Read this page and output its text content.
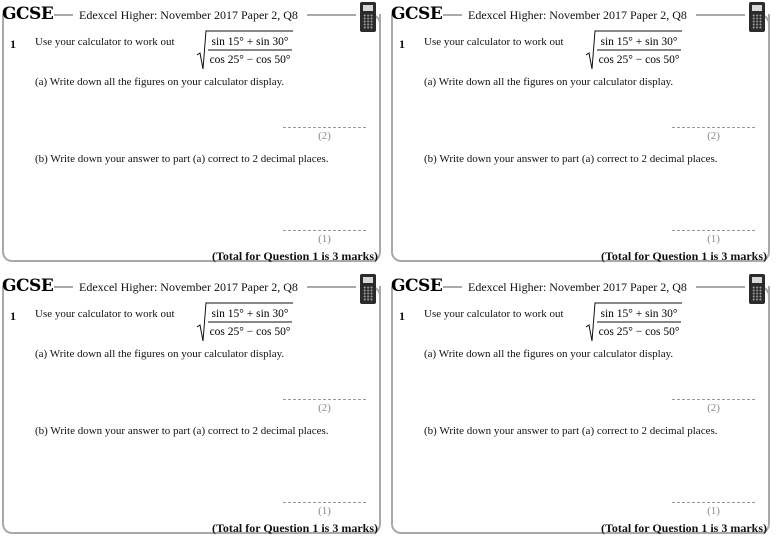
GCSE Edexcel Higher: November 2017 Paper 2, Q8
1 Use your calculator to work out	sin 15° + sin 30°
cos 25° − cos 50°
(a) Write down all the figures on your calculator display.
(2)
(b) Write down your answer to part (a) correct to 2 decimal places.
(1)
(Total for Question 1 is 3 marks)
GCSE Edexcel Higher: November 2017 Paper 2, Q8
1 Use your calculator to work out	sin 15° + sin 30°
cos 25° − cos 50°
(a) Write down all the figures on your calculator display.
(2)
(b) Write down your answer to part (a) correct to 2 decimal places.
(1)
(Total for Question 1 is 3 marks)
GCSE Edexcel Higher: November 2017 Paper 2, Q8
1 Use your calculator to work out	sin 15° + sin 30°
cos 25° − cos 50°
(a) Write down all the figures on your calculator display.
(2)
(b) Write down your answer to part (a) correct to 2 decimal places.
(1)
(Total for Question 1 is 3 marks)
GCSE Edexcel Higher: November 2017 Paper 2, Q8
1 Use your calculator to work out	sin 15° + sin 30°
cos 25° − cos 50°
(a) Write down all the figures on your calculator display.
(2)
(b) Write down your answer to part (a) correct to 2 decimal places.
(1)
(Total for Question 1 is 3 marks)
